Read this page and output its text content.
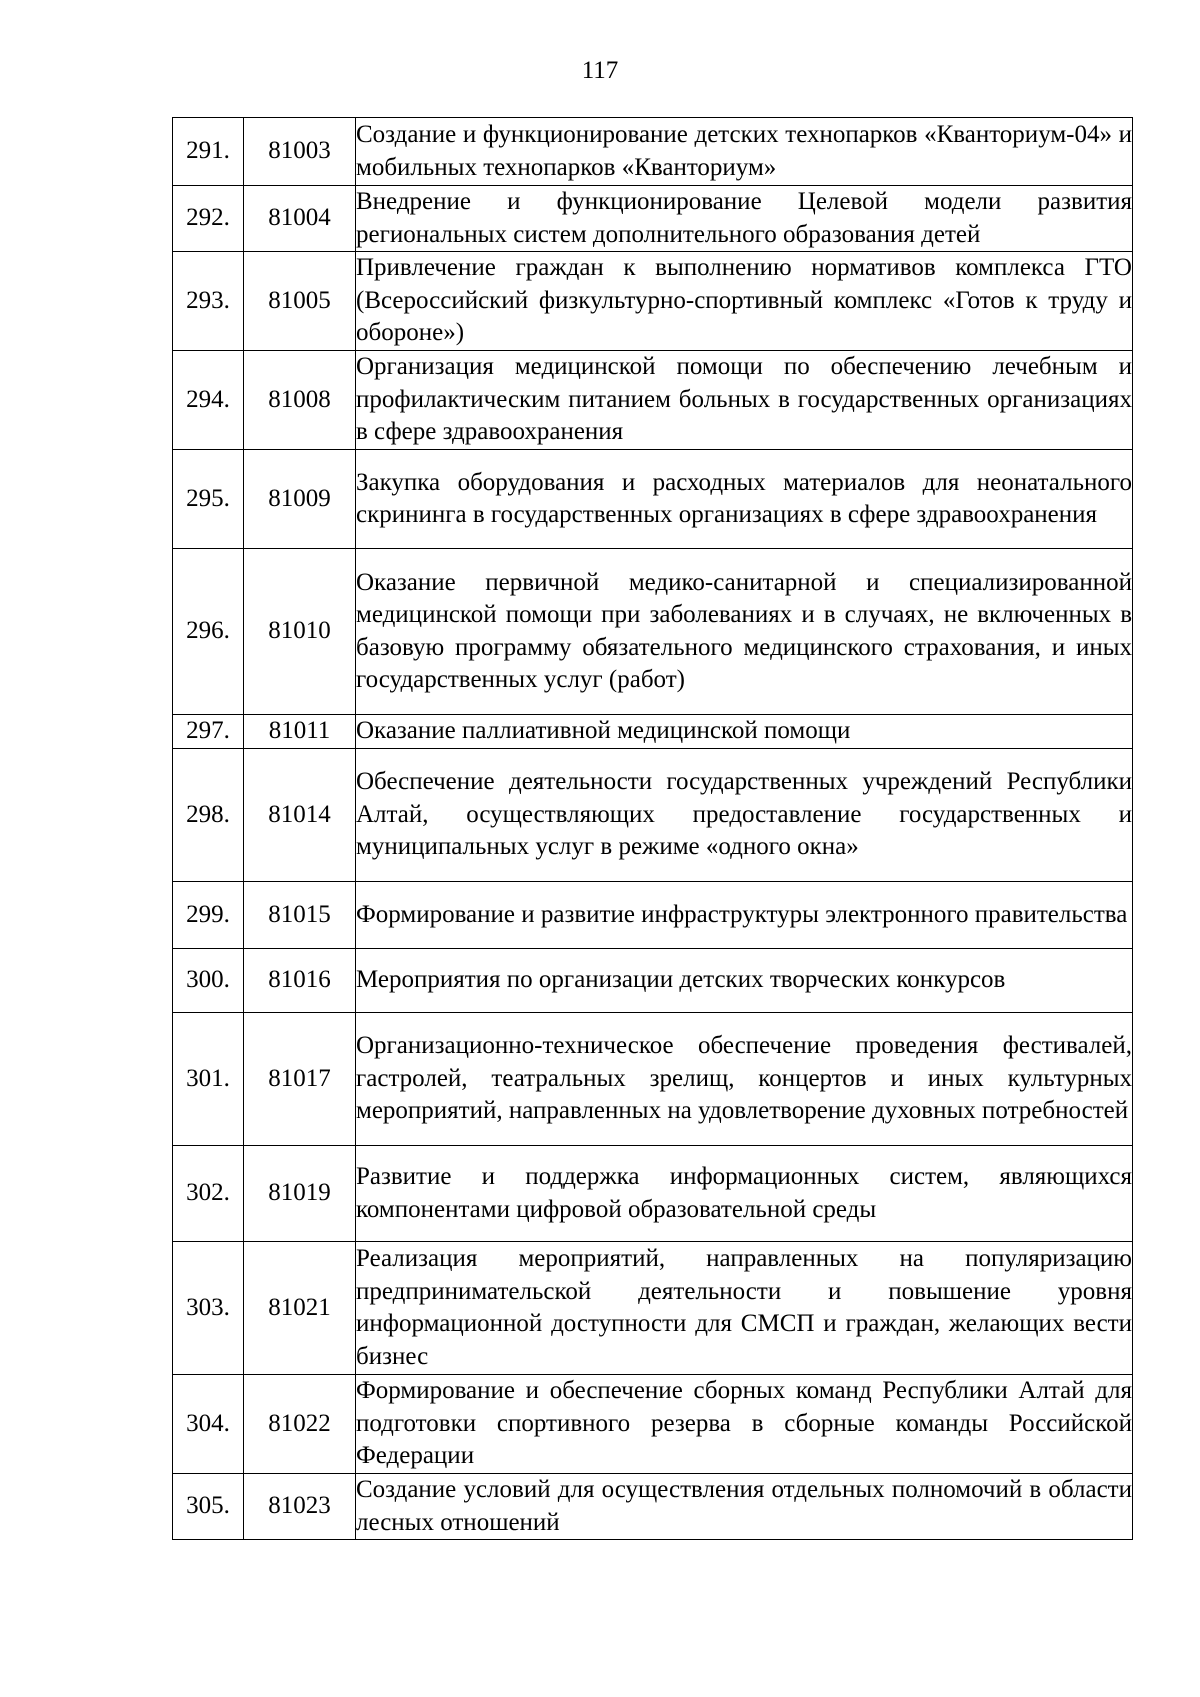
117
291.	81003	Создание и функционирование детских технопарков «Кванториум-04» и мобильных технопарков «Кванториум»
292.	81004	Внедрение и функционирование Целевой модели развития региональных систем дополнительного образования детей
293.	81005	Привлечение граждан к выполнению нормативов комплекса ГТО (Всероссийский физкультурно-спортивный комплекс «Готов к труду и обороне»)
294.	81008	Организация медицинской помощи по обеспечению лечебным и профилактическим питанием больных в государственных организациях в сфере здравоохранения
295.	81009	Закупка оборудования и расходных материалов для неонатального скрининга в государственных организациях в сфере здравоохранения
296.	81010	Оказание первичной медико-санитарной и специализированной медицинской помощи при заболеваниях и в случаях, не включенных в базовую программу обязательного медицинского страхования, и иных государственных услуг (работ)
297.	81011	Оказание паллиативной медицинской помощи
298.	81014	Обеспечение деятельности государственных учреждений Республики Алтай, осуществляющих предоставление государственных и муниципальных услуг в режиме «одного окна»
299.	81015	Формирование и развитие инфраструктуры электронного правительства
300.	81016	Мероприятия по организации детских творческих конкурсов
301.	81017	Организационно-техническое обеспечение проведения фестивалей, гастролей, театральных зрелищ, концертов и иных культурных мероприятий, направленных на удовлетворение духовных потребностей
302.	81019	Развитие и поддержка информационных систем, являющихся компонентами цифровой образовательной среды
303.	81021	Реализация мероприятий, направленных на популяризацию предпринимательской деятельности и повышение уровня информационной доступности для СМСП и граждан, желающих вести бизнес
304.	81022	Формирование и обеспечение сборных команд Республики Алтай для подготовки спортивного резерва в сборные команды Российской Федерации
305.	81023	Создание условий для осуществления отдельных полномочий в области лесных отношений
